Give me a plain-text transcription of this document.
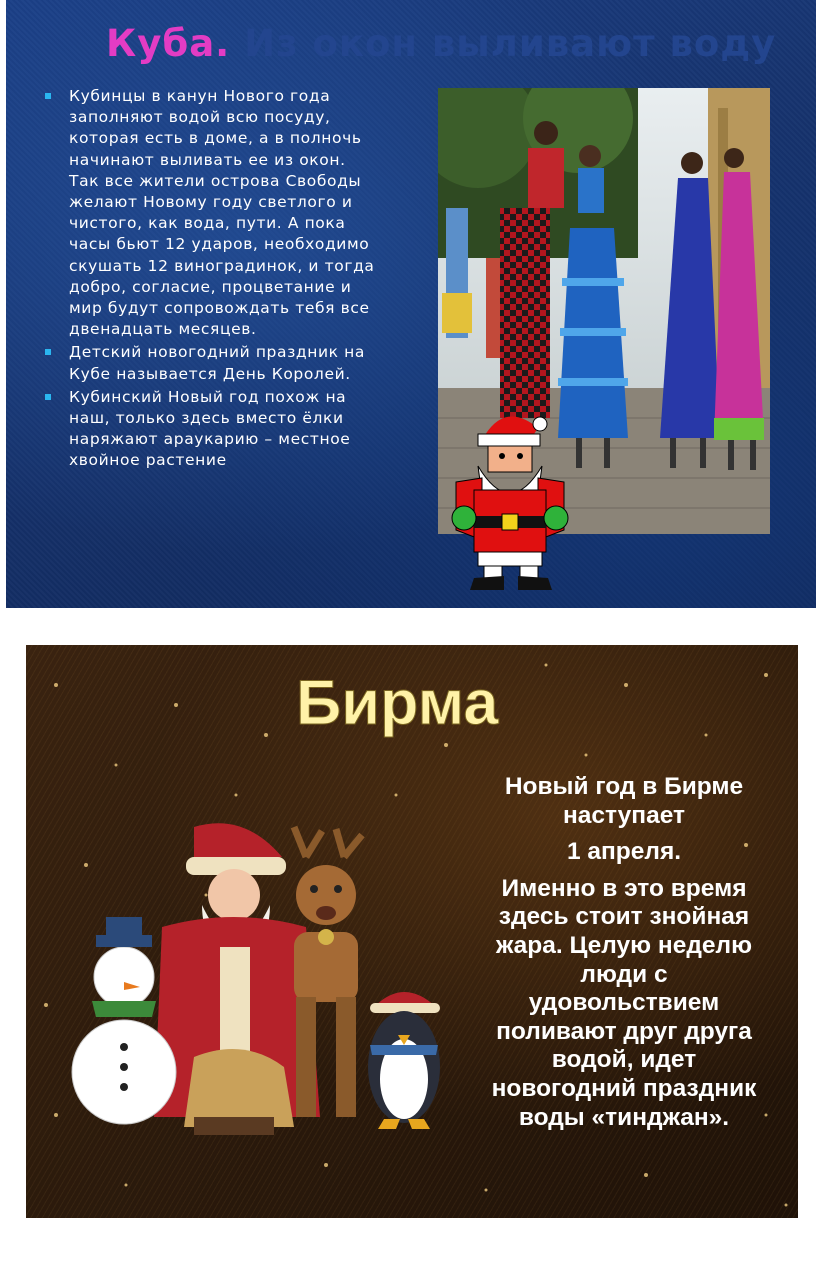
Куба. Из окон выливают воду
Кубинцы в канун Нового года
заполняют водой всю посуду,
которая есть в доме, а в полночь
начинают выливать ее из окон.
Так все жители острова Свободы
желают Новому году светлого и
чистого, как вода, пути. А пока
часы бьют 12 ударов, необходимо
скушать 12 виноградинок, и тогда
добро, согласие, процветание и
мир будут сопровождать тебя все
двенадцать месяцев.
Детский новогодний праздник на
Кубе называется День Королей.
Кубинский Новый год похож на
наш, только здесь вместо ёлки
наряжают араукарию – местное
хвойное растение
Бирма

Новый год в Бирме
наступает
1 апреля.
Именно в это время
здесь стоит знойная
жара. Целую неделю
люди с
удовольствием
поливают друг друга
водой, идет
новогодний праздник
воды «тинджан».
